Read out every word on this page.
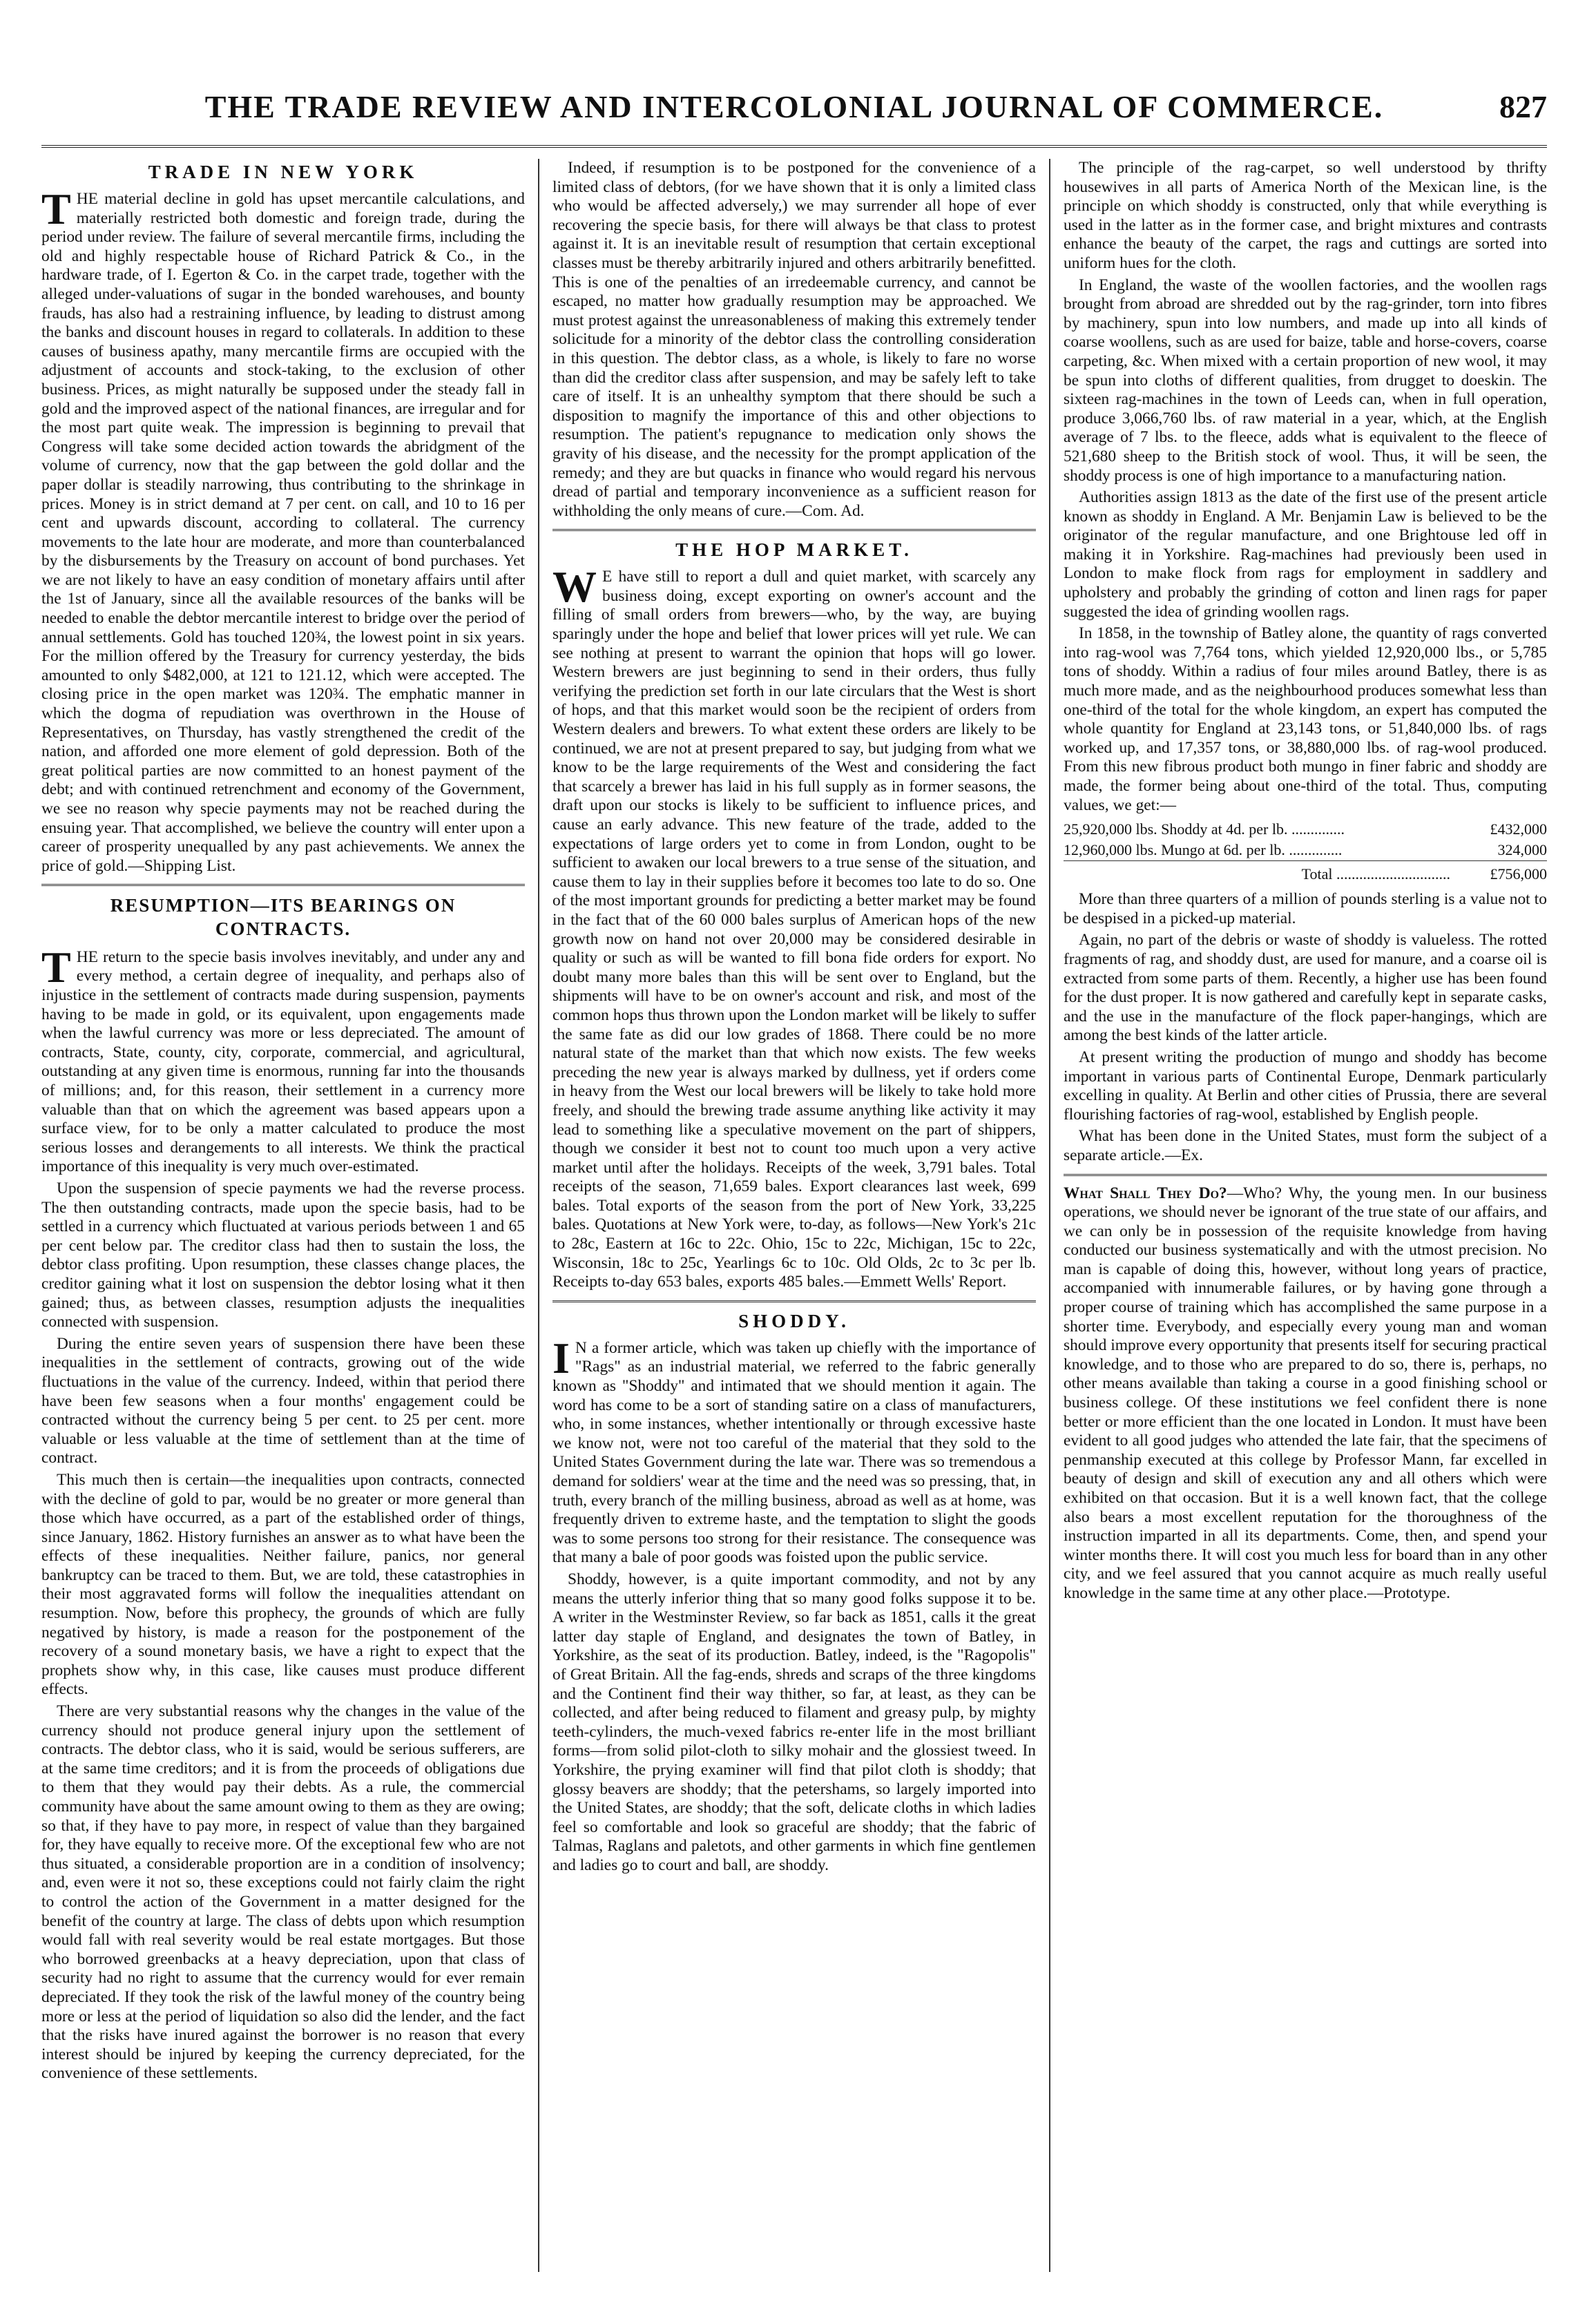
THE TRADE REVIEW AND INTERCOLONIAL JOURNAL OF COMMERCE.	827
TRADE IN NEW YORK

THE material decline in gold has upset mercantile calculations, and materially restricted both domestic and foreign trade, during the period under review. The failure of several mercantile firms, including the old and highly respectable house of Richard Patrick & Co., in the hardware trade, of I. Egerton & Co. in the carpet trade, together with the alleged under-valuations of sugar in the bonded warehouses, and bounty frauds, has also had a restraining influence, by leading to distrust among the banks and discount houses in regard to collaterals. In addition to these causes of business apathy, many mercantile firms are occupied with the adjustment of accounts and stock-taking, to the exclusion of other business. Prices, as might naturally be supposed under the steady fall in gold and the improved aspect of the national finances, are irregular and for the most part quite weak. The impression is beginning to prevail that Congress will take some decided action towards the abridgment of the volume of currency, now that the gap between the gold dollar and the paper dollar is steadily narrowing, thus contributing to the shrinkage in prices. Money is in strict demand at 7 per cent. on call, and 10 to 16 per cent and upwards discount, according to collateral. The currency movements to the late hour are moderate, and more than counterbalanced by the disbursements by the Treasury on account of bond purchases. Yet we are not likely to have an easy condition of monetary affairs until after the 1st of January, since all the available resources of the banks will be needed to enable the debtor mercantile interest to bridge over the period of annual settlements. Gold has touched 120¾, the lowest point in six years. For the million offered by the Treasury for currency yesterday, the bids amounted to only $482,000, at 121 to 121.12, which were accepted. The closing price in the open market was 120¾. The emphatic manner in which the dogma of repudiation was overthrown in the House of Representatives, on Thursday, has vastly strengthened the credit of the nation, and afforded one more element of gold depression. Both of the great political parties are now committed to an honest payment of the debt; and with continued retrenchment and economy of the Government, we see no reason why specie payments may not be reached during the ensuing year. That accomplished, we believe the country will enter upon a career of prosperity unequalled by any past achievements. We annex the price of gold.—Shipping List.

RESUMPTION—ITS BEARINGS ON CONTRACTS.

THE return to the specie basis involves inevitably, and under any and every method, a certain degree of inequality, and perhaps also of injustice in the settlement of contracts made during suspension, payments having to be made in gold, or its equivalent, upon engagements made when the lawful currency was more or less depreciated. The amount of contracts, State, county, city, corporate, commercial, and agricultural, outstanding at any given time is enormous, running far into the thousands of millions; and, for this reason, their settlement in a currency more valuable than that on which the agreement was based appears upon a surface view, for to be only a matter calculated to produce the most serious losses and derangements to all interests. We think the practical importance of this inequality is very much over-estimated.

Upon the suspension of specie payments we had the reverse process. The then outstanding contracts, made upon the specie basis, had to be settled in a currency which fluctuated at various periods between 1 and 65 per cent below par. The creditor class had then to sustain the loss, the debtor class profiting. Upon resumption, these classes change places, the creditor gaining what it lost on suspension the debtor losing what it then gained; thus, as between classes, resumption adjusts the inequalities connected with suspension.

During the entire seven years of suspension there have been these inequalities in the settlement of contracts, growing out of the wide fluctuations in the value of the currency. Indeed, within that period there have been few seasons when a four months' engagement could be contracted without the currency being 5 per cent. to 25 per cent. more valuable or less valuable at the time of settlement than at the time of contract.

This much then is certain—the inequalities upon contracts, connected with the decline of gold to par, would be no greater or more general than those which have occurred, as a part of the established order of things, since January, 1862. History furnishes an answer as to what have been the effects of these inequalities. Neither failure, panics, nor general bankruptcy can be traced to them. But, we are told, these catastrophies in their most aggravated forms will follow the inequalities attendant on resumption. Now, before this prophecy, the grounds of which are fully negatived by history, is made a reason for the postponement of the recovery of a sound monetary basis, we have a right to expect that the prophets show why, in this case, like causes must produce different effects.

There are very substantial reasons why the changes in the value of the currency should not produce general injury upon the settlement of contracts. The debtor class, who it is said, would be serious sufferers, are at the same time creditors; and it is from the proceeds of obligations due to them that they would pay their debts. As a rule, the commercial community have about the same amount owing to them as they are owing; so that, if they have to pay more, in respect of value than they bargained for, they have equally to receive more. Of the exceptional few who are not thus situated, a considerable proportion are in a condition of insolvency; and, even were it not so, these exceptions could not fairly claim the right to control the action of the Government in a matter designed for the benefit of the country at large. The class of debts upon which resumption would fall with real severity would be real estate mortgages. But those who borrowed greenbacks at a heavy depreciation, upon that class of security had no right to assume that the currency would for ever remain depreciated. If they took the risk of the lawful money of the country being more or less at the period of liquidation so also did the lender, and the fact that the risks have inured against the borrower is no reason that every interest should be injured by keeping the currency depreciated, for the convenience of these settlements.

Indeed, if resumption is to be postponed for the convenience of a limited class of debtors, (for we have shown that it is only a limited class who would be affected adversely,) we may surrender all hope of ever recovering the specie basis, for there will always be that class to protest against it. It is an inevitable result of resumption that certain exceptional classes must be thereby arbitrarily injured and others arbitrarily benefitted. This is one of the penalties of an irredeemable currency, and cannot be escaped, no matter how gradually resumption may be approached. We must protest against the unreasonableness of making this extremely tender solicitude for a minority of the debtor class the controlling consideration in this question. The debtor class, as a whole, is likely to fare no worse than did the creditor class after suspension, and may be safely left to take care of itself. It is an unhealthy symptom that there should be such a disposition to magnify the importance of this and other objections to resumption. The patient's repugnance to medication only shows the gravity of his disease, and the necessity for the prompt application of the remedy; and they are but quacks in finance who would regard his nervous dread of partial and temporary inconvenience as a sufficient reason for withholding the only means of cure.—Com. Ad.

THE HOP MARKET.

W E have still to report a dull and quiet market, with scarcely any business doing, except exporting on owner's account and the filling of small orders from brewers—who, by the way, are buying sparingly under the hope and belief that lower prices will yet rule. We can see nothing at present to warrant the opinion that hops will go lower. Western brewers are just beginning to send in their orders, thus fully verifying the prediction set forth in our late circulars that the West is short of hops, and that this market would soon be the recipient of orders from Western dealers and brewers. To what extent these orders are likely to be continued, we are not at present prepared to say, but judging from what we know to be the large requirements of the West and considering the fact that scarcely a brewer has laid in his full supply as in former seasons, the draft upon our stocks is likely to be sufficient to influence prices, and cause an early advance. This new feature of the trade, added to the expectations of large orders yet to come in from London, ought to be sufficient to awaken our local brewers to a true sense of the situation, and cause them to lay in their supplies before it becomes too late to do so. One of the most important grounds for predicting a better market may be found in the fact that of the 60 000 bales surplus of American hops of the new growth now on hand not over 20,000 may be considered desirable in quality or such as will be wanted to fill bona fide orders for export. No doubt many more bales than this will be sent over to England, but the shipments will have to be on owner's account and risk, and most of the common hops thus thrown upon the London market will be likely to suffer the same fate as did our low grades of 1868. There could be no more natural state of the market than that which now exists. The few weeks preceding the new year is always marked by dullness, yet if orders come in heavy from the West our local brewers will be likely to take hold more freely, and should the brewing trade assume anything like activity it may lead to something like a speculative movement on the part of shippers, though we consider it best not to count too much upon a very active market until after the holidays. Receipts of the week, 3,791 bales. Total receipts of the season, 71,659 bales. Export clearances last week, 699 bales. Total exports of the season from the port of New York, 33,225 bales. Quotations at New York were, to-day, as follows—New York's 21c to 28c, Eastern at 16c to 22c. Ohio, 15c to 22c, Michigan, 15c to 22c, Wisconsin, 18c to 25c, Yearlings 6c to 10c. Old Olds, 2c to 3c per lb. Receipts to-day 653 bales, exports 485 bales.—Emmett Wells' Report.

SHODDY.

I N a former article, which was taken up chiefly with the importance of "Rags" as an industrial material, we referred to the fabric generally known as "Shoddy" and intimated that we should mention it again. The word has come to be a sort of standing satire on a class of manufacturers, who, in some instances, whether intentionally or through excessive haste we know not, were not too careful of the material that they sold to the United States Government during the late war. There was so tremendous a demand for soldiers' wear at the time and the need was so pressing, that, in truth, every branch of the milling business, abroad as well as at home, was frequently driven to extreme haste, and the temptation to slight the goods was to some persons too strong for their resistance. The consequence was that many a bale of poor goods was foisted upon the public service.

Shoddy, however, is a quite important commodity, and not by any means the utterly inferior thing that so many good folks suppose it to be. A writer in the Westminster Review, so far back as 1851, calls it the great latter day staple of England, and designates the town of Batley, in Yorkshire, as the seat of its production. Batley, indeed, is the "Ragopolis" of Great Britain. All the fag-ends, shreds and scraps of the three kingdoms and the Continent find their way thither, so far, at least, as they can be collected, and after being reduced to filament and greasy pulp, by mighty teeth-cylinders, the much-vexed fabrics re-enter life in the most brilliant forms—from solid pilot-cloth to silky mohair and the glossiest tweed. In Yorkshire, the prying examiner will find that pilot cloth is shoddy; that glossy beavers are shoddy; that the petershams, so largely imported into the United States, are shoddy; that the soft, delicate cloths in which ladies feel so comfortable and look so graceful are shoddy; that the fabric of Talmas, Raglans and paletots, and other garments in which fine gentlemen and ladies go to court and ball, are shoddy.

The principle of the rag-carpet, so well understood by thrifty housewives in all parts of America North of the Mexican line, is the principle on which shoddy is constructed, only that while everything is used in the latter as in the former case, and bright mixtures and contrasts enhance the beauty of the carpet, the rags and cuttings are sorted into uniform hues for the cloth.

In England, the waste of the woollen factories, and the woollen rags brought from abroad are shredded out by the rag-grinder, torn into fibres by machinery, spun into low numbers, and made up into all kinds of coarse woollens, such as are used for baize, table and horse-covers, coarse carpeting, &c. When mixed with a certain proportion of new wool, it may be spun into cloths of different qualities, from drugget to doeskin. The sixteen rag-machines in the town of Leeds can, when in full operation, produce 3,066,760 lbs. of raw material in a year, which, at the English average of 7 lbs. to the fleece, adds what is equivalent to the fleece of 521,680 sheep to the British stock of wool. Thus, it will be seen, the shoddy process is one of high importance to a manufacturing nation.

Authorities assign 1813 as the date of the first use of the present article known as shoddy in England. A Mr. Benjamin Law is believed to be the originator of the regular manufacture, and one Brightouse led off in making it in Yorkshire. Rag-machines had previously been used in London to make flock from rags for employment in saddlery and upholstery and probably the grinding of cotton and linen rags for paper suggested the idea of grinding woollen rags.

In 1858, in the township of Batley alone, the quantity of rags converted into rag-wool was 7,764 tons, which yielded 12,920,000 lbs., or 5,785 tons of shoddy. Within a radius of four miles around Batley, there is as much more made, and as the neighbourhood produces somewhat less than one-third of the total for the whole kingdom, an expert has computed the whole quantity for England at 23,143 tons, or 51,840,000 lbs. of rags worked up, and 17,357 tons, or 38,880,000 lbs. of rag-wool produced. From this new fibrous product both mungo in finer fabric and shoddy are made, the former being about one-third of the total. Thus, computing values, we get:—

25,920,000 lbs. Shoddy at 4d. per lb. ..............	£432,000
12,960,000 lbs. Mungo at 6d. per lb. ..............	324,000
Total ..............................	£756,000

More than three quarters of a million of pounds sterling is a value not to be despised in a picked-up material.

Again, no part of the debris or waste of shoddy is valueless. The rotted fragments of rag, and shoddy dust, are used for manure, and a coarse oil is extracted from some parts of them. Recently, a higher use has been found for the dust proper. It is now gathered and carefully kept in separate casks, and the use in the manufacture of the flock paper-hangings, which are among the best kinds of the latter article.

At present writing the production of mungo and shoddy has become important in various parts of Continental Europe, Denmark particularly excelling in quality. At Berlin and other cities of Prussia, there are several flourishing factories of rag-wool, established by English people.

What has been done in the United States, must form the subject of a separate article.—Ex.

What Shall They Do?—Who? Why, the young men. In our business operations, we should never be ignorant of the true state of our affairs, and we can only be in possession of the requisite knowledge from having conducted our business systematically and with the utmost precision. No man is capable of doing this, however, without long years of practice, accompanied with innumerable failures, or by having gone through a proper course of training which has accomplished the same purpose in a shorter time. Everybody, and especially every young man and woman should improve every opportunity that presents itself for securing practical knowledge, and to those who are prepared to do so, there is, perhaps, no other means available than taking a course in a good finishing school or business college. Of these institutions we feel confident there is none better or more efficient than the one located in London. It must have been evident to all good judges who attended the late fair, that the specimens of penmanship executed at this college by Professor Mann, far excelled in beauty of design and skill of execution any and all others which were exhibited on that occasion. But it is a well known fact, that the college also bears a most excellent reputation for the thoroughness of the instruction imparted in all its departments. Come, then, and spend your winter months there. It will cost you much less for board than in any other city, and we feel assured that you cannot acquire as much really useful knowledge in the same time at any other place.—Prototype.
